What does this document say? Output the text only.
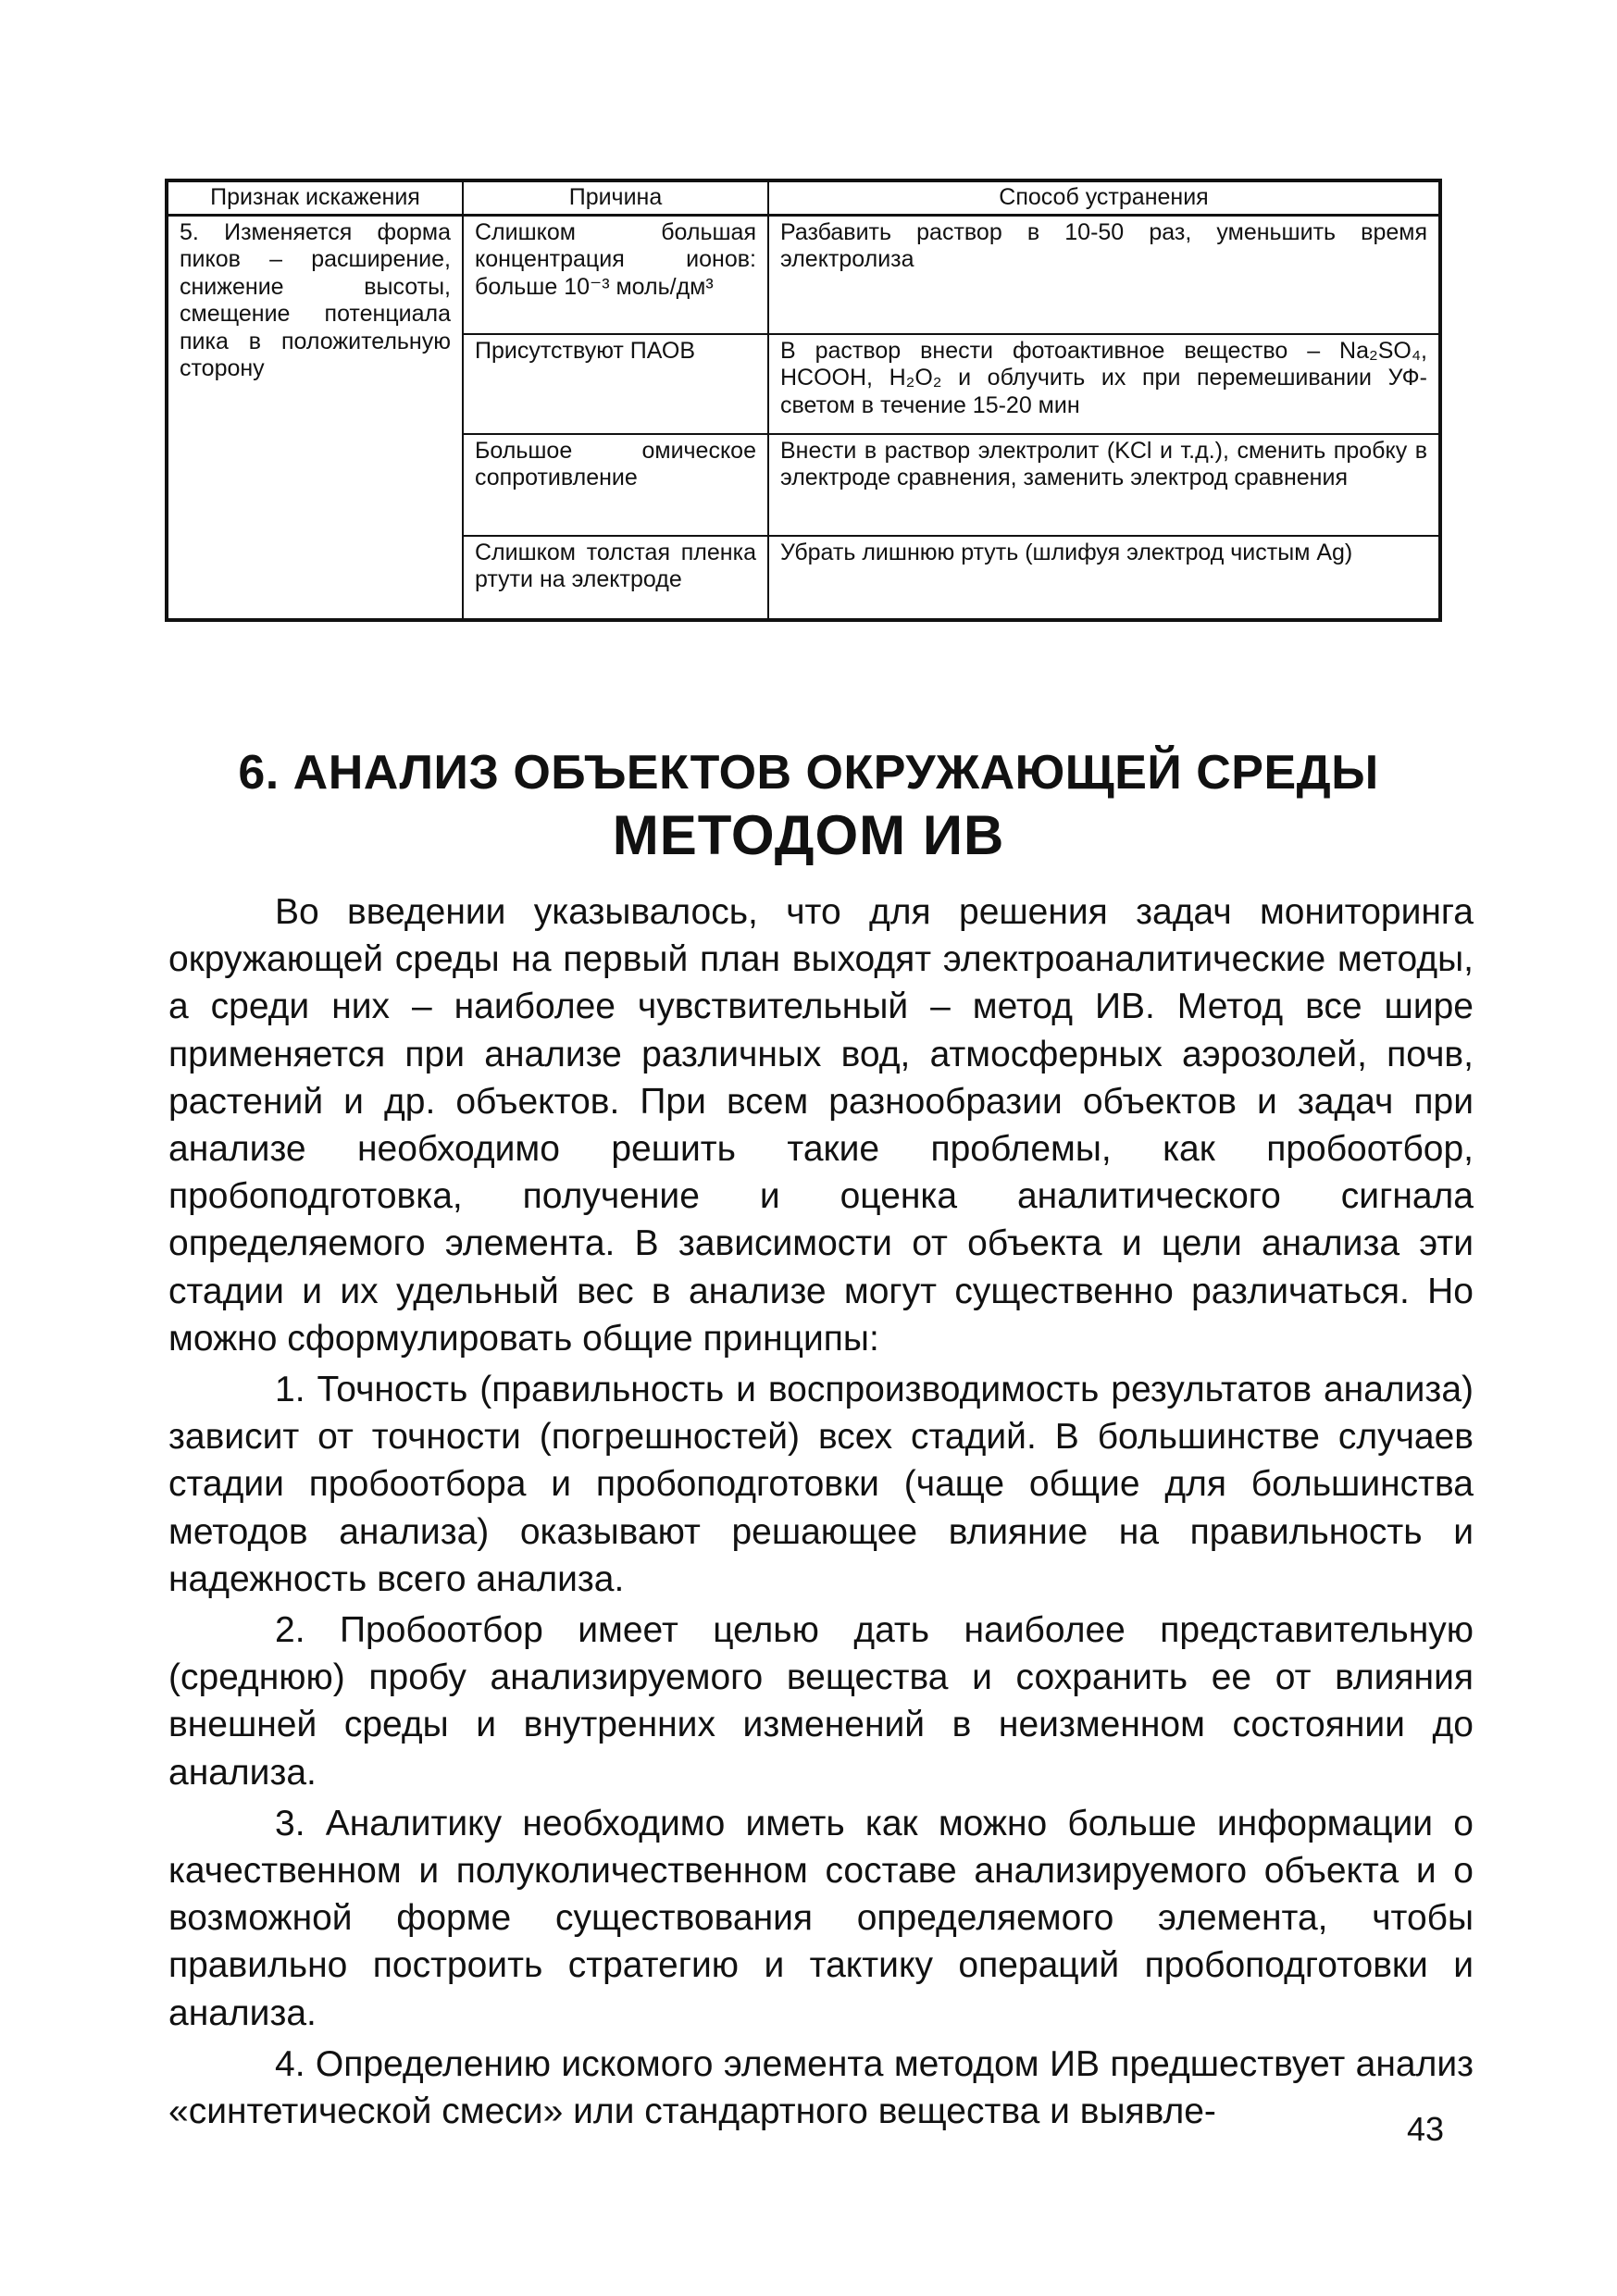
Признак искажения	Причина	Способ устранения
5. Изменяется форма пиков – расширение, снижение высоты, смещение потенциала пика в положительную сторону	Слишком большая концентрация ионов: больше 10⁻³ моль/дм³	Разбавить раствор в 10-50 раз, уменьшить время электролиза
	Присутствуют ПАОВ	В раствор внести фотоактивное вещество – Na₂SO₄, HCOOH, H₂O₂ и облучить их при перемешивании УФ-светом в течение 15-20 мин
	Большое омическое сопротивление	Внести в раствор электролит (KCl и т.д.), сменить пробку в электроде сравнения, заменить электрод сравнения
	Слишком толстая пленка ртути на электроде	Убрать лишнюю ртуть (шлифуя электрод чистым Ag)
6. АНАЛИЗ ОБЪЕКТОВ ОКРУЖАЮЩЕЙ СРЕДЫ
МЕТОДОМ ИВ

Во введении указывалось, что для решения задач мониторинга окружающей среды на первый план выходят электроаналитические методы, а среди них – наиболее чувствительный – метод ИВ. Метод все шире применяется при анализе различных вод, атмосферных аэрозолей, почв, растений и др. объектов. При всем разнообразии объектов и задач при анализе необходимо решить такие проблемы, как пробоотбор, пробоподготовка, получение и оценка аналитического сигнала определяемого элемента. В зависимости от объекта и цели анализа эти стадии и их удельный вес в анализе могут существенно различаться. Но можно сформулировать общие принципы:

1. Точность (правильность и воспроизводимость результатов анализа) зависит от точности (погрешностей) всех стадий. В большинстве случаев стадии пробоотбора и пробоподготовки (чаще общие для большинства методов анализа) оказывают решающее влияние на правильность и надежность всего анализа.

2. Пробоотбор имеет целью дать наиболее представительную (среднюю) пробу анализируемого вещества и сохранить ее от влияния внешней среды и внутренних изменений в неизменном состоянии до анализа.

3. Аналитику необходимо иметь как можно больше информации о качественном и полуколичественном составе анализируемого объекта и о возможной форме существования определяемого элемента, чтобы правильно построить стратегию и тактику операций пробоподготовки и анализа.

4. Определению искомого элемента методом ИВ предшествует анализ «синтетической смеси» или стандартного вещества и выявле-	43
